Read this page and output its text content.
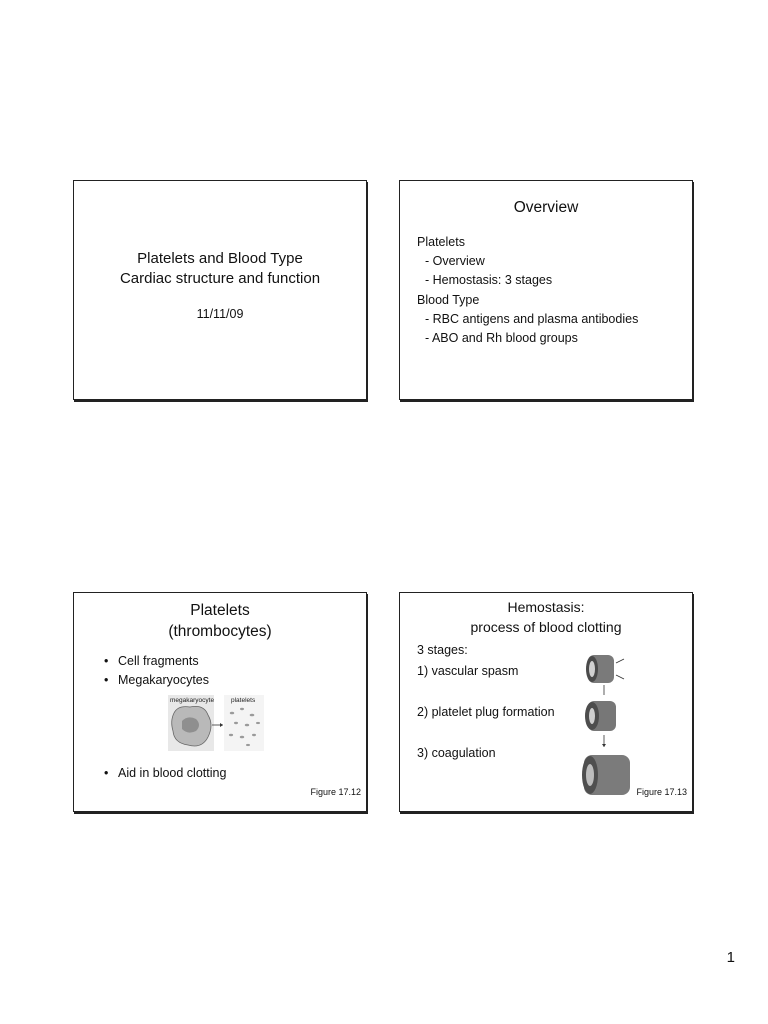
Platelets and Blood Type
Cardiac structure and function
11/11/09
Overview
Platelets
- Overview
- Hemostasis: 3 stages
Blood Type
- RBC antigens and plasma antibodies
- ABO and Rh blood groups
Platelets
(thrombocytes)
• Cell fragments
• Megakaryocytes
megakaryocyte	platelets
• Aid in blood clotting
Figure 17.12
Hemostasis:
process of blood clotting
3 stages:
1) vascular spasm
2) platelet plug formation
3) coagulation
Figure 17.13
1
